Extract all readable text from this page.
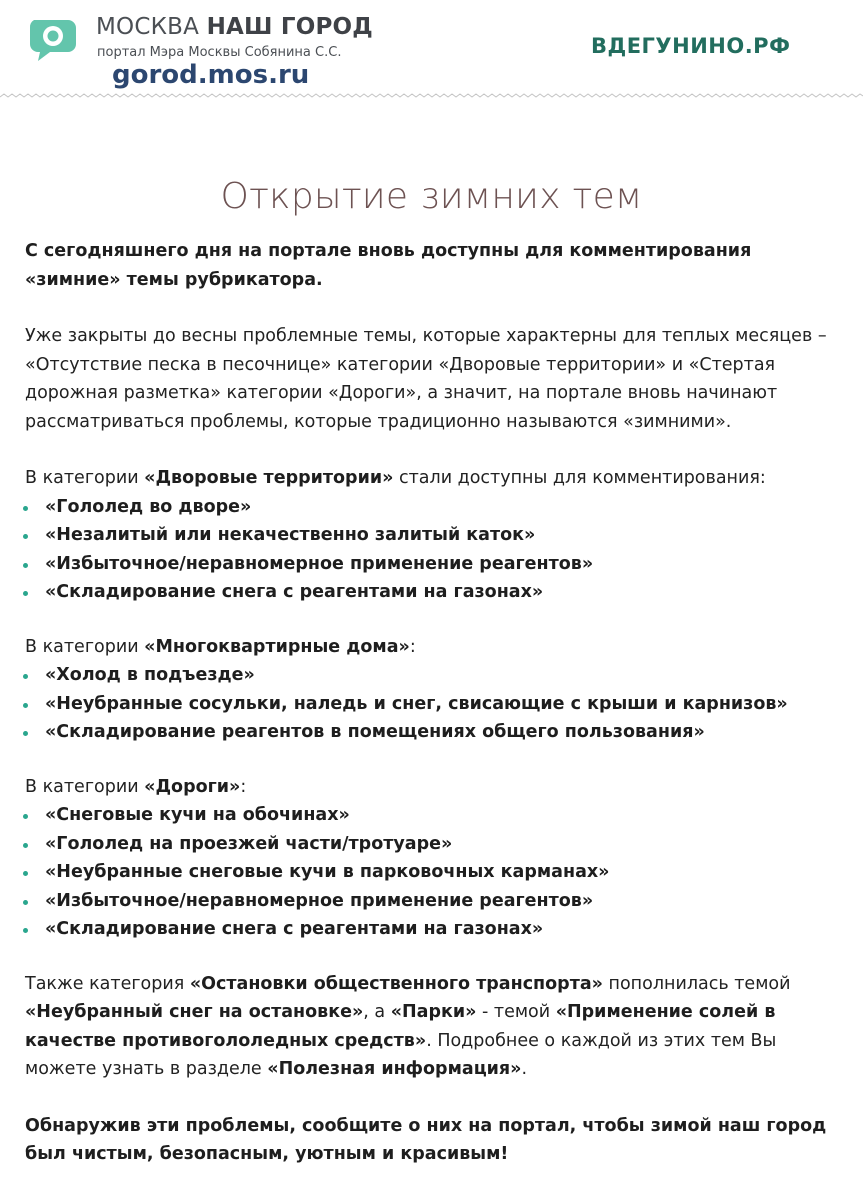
МОСКВА НАШ ГОРОД
портал Мэра Москвы Собянина С.С.
gorod.mos.ru
ВДЕГУНИНО.РФ
Открытие зимних тем

С сегодняшнего дня на портале вновь доступны для комментирования «зимние» темы рубрикатора.

Уже закрыты до весны проблемные темы, которые характерны для теплых месяцев – «Отсутствие песка в песочнице» категории «Дворовые территории» и «Стертая дорожная разметка» категории «Дороги», а значит, на портале вновь начинают рассматриваться проблемы, которые традиционно называются «зимними».

В категории «Дворовые территории» стали доступны для комментирования:

«Гололед во дворе»
«Незалитый или некачественно залитый каток»
«Избыточное/неравномерное применение реагентов»
«Складирование снега с реагентами на газонах»

В категории «Многоквартирные дома»:

«Холод в подъезде»
«Неубранные сосульки, наледь и снег, свисающие с крыши и карнизов»
«Складирование реагентов в помещениях общего пользования»

В категории «Дороги»:

«Снеговые кучи на обочинах»
«Гололед на проезжей части/тротуаре»
«Неубранные снеговые кучи в парковочных карманах»
«Избыточное/неравномерное применение реагентов»
«Складирование снега с реагентами на газонах»

Также категория «Остановки общественного транспорта» пополнилась темой «Неубранный снег на остановке», а «Парки» - темой «Применение солей в качестве противогололедных средств». Подробнее о каждой из этих тем Вы можете узнать в разделе «Полезная информация».

Обнаружив эти проблемы, сообщите о них на портал, чтобы зимой наш город был чистым, безопасным, уютным и красивым!
